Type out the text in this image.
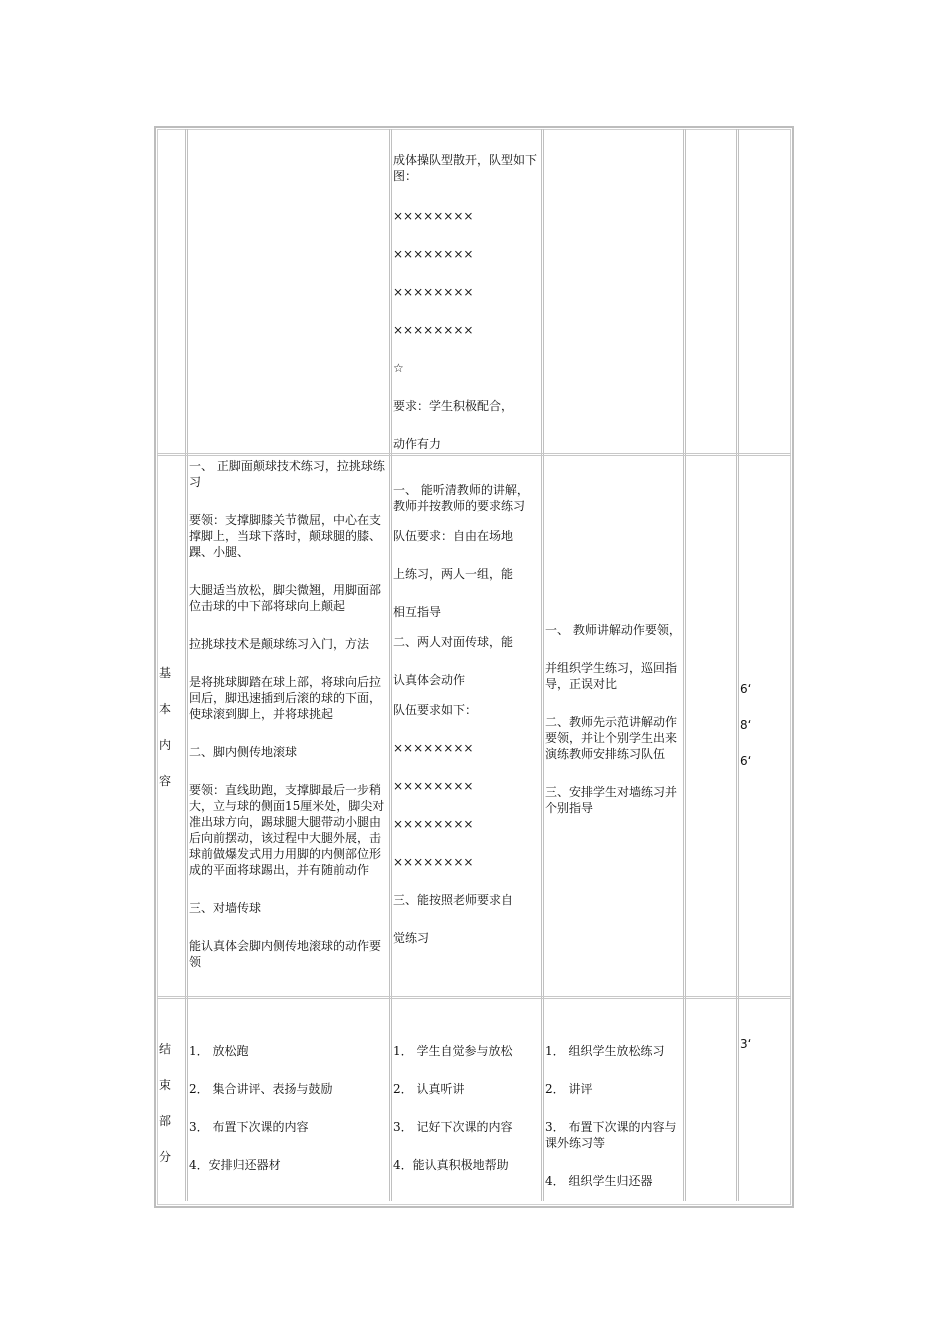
成体操队型散开，队型如下图：

××××××××

××××××××

××××××××

××××××××

☆

要求：学生积极配合，

动作有力

基
本
内
容

一、 正脚面颠球技术练习，拉挑球练习

要领：支撑脚膝关节微屈，中心在支撑脚上，当球下落时，颠球腿的膝、踝、小腿、

大腿适当放松，脚尖微翘，用脚面部位击球的中下部将球向上颠起

拉挑球技术是颠球练习入门，方法

是将挑球脚踏在球上部，将球向后拉回后，脚迅速插到后滚的球的下面，使球滚到脚上，并将球挑起

二、脚内侧传地滚球

要领：直线助跑，支撑脚最后一步稍大，立与球的侧面15厘米处，脚尖对准出球方向，踢球腿大腿带动小腿由后向前摆动，该过程中大腿外展，击球前做爆发式用力用脚的内侧部位形成的平面将球踢出，并有随前动作

三、对墙传球

能认真体会脚内侧传地滚球的动作要领

一、 能听清教师的讲解，教师并按教师的要求练习

队伍要求：自由在场地

上练习，两人一组，能

相互指导

二、两人对面传球，能

认真体会动作

队伍要求如下：

××××××××

××××××××

××××××××

××××××××

三、能按照老师要求自

觉练习

一、 教师讲解动作要领，

并组织学生练习，巡回指导，正误对比

二、教师先示范讲解动作要领，并让个别学生出来演练教师安排练习队伍

三、安排学生对墙练习并个别指导

6‘
8‘
6‘
结
束
部
分

1． 放松跑

2． 集合讲评、表扬与鼓励

3． 布置下次课的内容

4．安排归还器材

1． 学生自觉参与放松

2． 认真听讲

3． 记好下次课的内容

4．能认真积极地帮助

1． 组织学生放松练习

2． 讲评

3． 布置下次课的内容与课外练习等

4． 组织学生归还器

3‘
